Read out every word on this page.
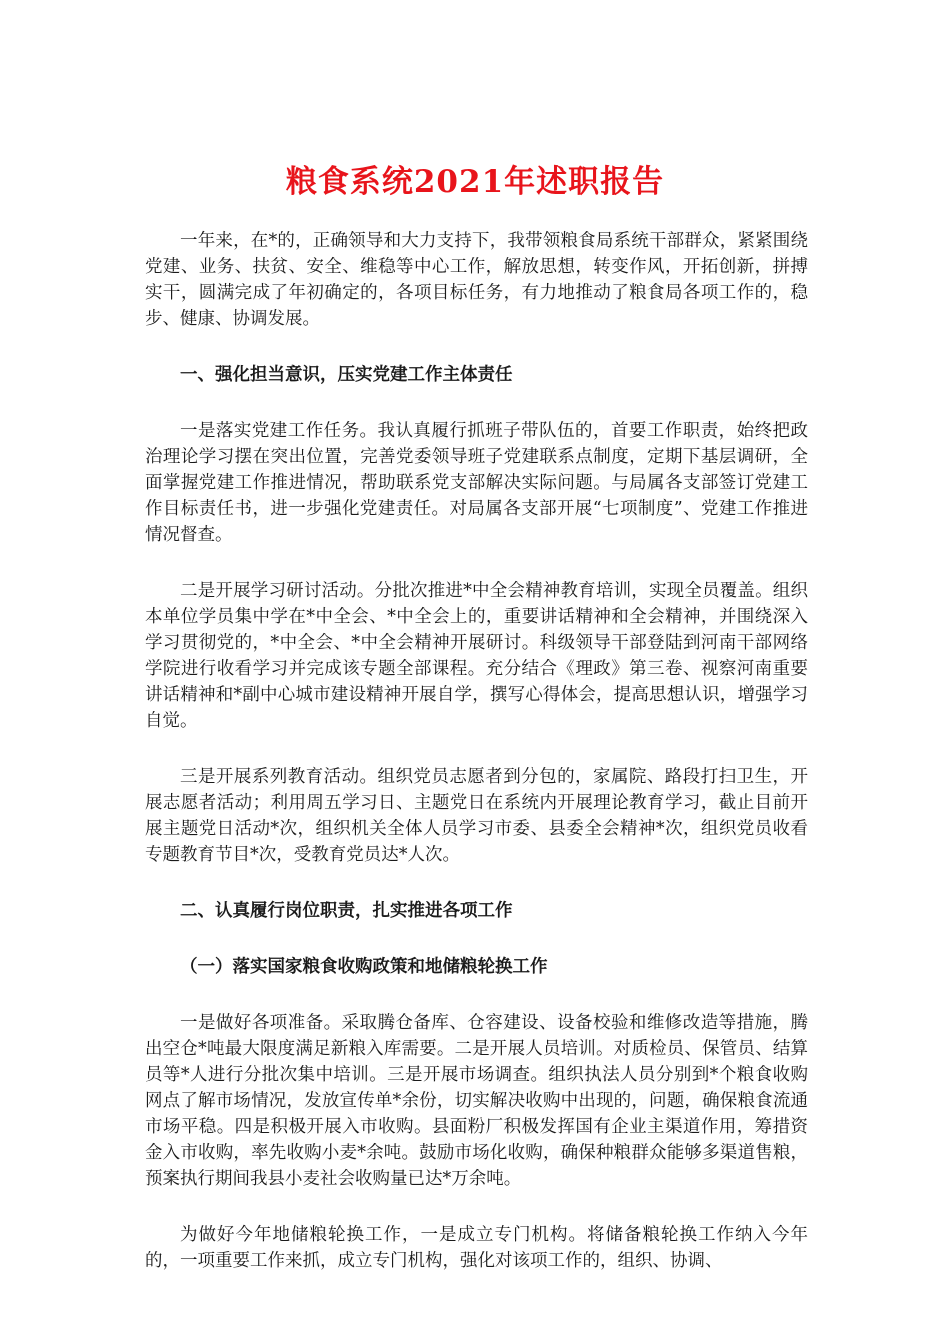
粮食系统2021年述职报告

一年来，在*的，正确领导和大力支持下，我带领粮食局系统干部群众，紧紧围绕党建、业务、扶贫、安全、维稳等中心工作，解放思想，转变作风，开拓创新，拼搏实干，圆满完成了年初确定的，各项目标任务，有力地推动了粮食局各项工作的，稳步、健康、协调发展。

一、强化担当意识，压实党建工作主体责任

一是落实党建工作任务。我认真履行抓班子带队伍的，首要工作职责，始终把政治理论学习摆在突出位置，完善党委领导班子党建联系点制度，定期下基层调研，全面掌握党建工作推进情况，帮助联系党支部解决实际问题。与局属各支部签订党建工作目标责任书，进一步强化党建责任。对局属各支部开展“七项制度”、党建工作推进情况督查。

二是开展学习研讨活动。分批次推进*中全会精神教育培训，实现全员覆盖。组织本单位学员集中学在*中全会、*中全会上的，重要讲话精神和全会精神，并围绕深入学习贯彻党的，*中全会、*中全会精神开展研讨。科级领导干部登陆到河南干部网络学院进行收看学习并完成该专题全部课程。充分结合《理政》第三卷、视察河南重要讲话精神和*副中心城市建设精神开展自学，撰写心得体会，提高思想认识，增强学习自觉。

三是开展系列教育活动。组织党员志愿者到分包的，家属院、路段打扫卫生，开展志愿者活动；利用周五学习日、主题党日在系统内开展理论教育学习，截止目前开展主题党日活动*次，组织机关全体人员学习市委、县委全会精神*次，组织党员收看专题教育节目*次，受教育党员达*人次。

二、认真履行岗位职责，扎实推进各项工作
（一）落实国家粮食收购政策和地储粮轮换工作

一是做好各项准备。采取腾仓备库、仓容建设、设备校验和维修改造等措施，腾出空仓*吨最大限度满足新粮入库需要。二是开展人员培训。对质检员、保管员、结算员等*人进行分批次集中培训。三是开展市场调查。组织执法人员分别到*个粮食收购网点了解市场情况，发放宣传单*余份，切实解决收购中出现的，问题，确保粮食流通市场平稳。四是积极开展入市收购。县面粉厂积极发挥国有企业主渠道作用，筹措资金入市收购，率先收购小麦*余吨。鼓励市场化收购，确保种粮群众能够多渠道售粮，预案执行期间我县小麦社会收购量已达*万余吨。

为做好今年地储粮轮换工作，一是成立专门机构。将储备粮轮换工作纳入今年的，一项重要工作来抓，成立专门机构，强化对该项工作的，组织、协调、
